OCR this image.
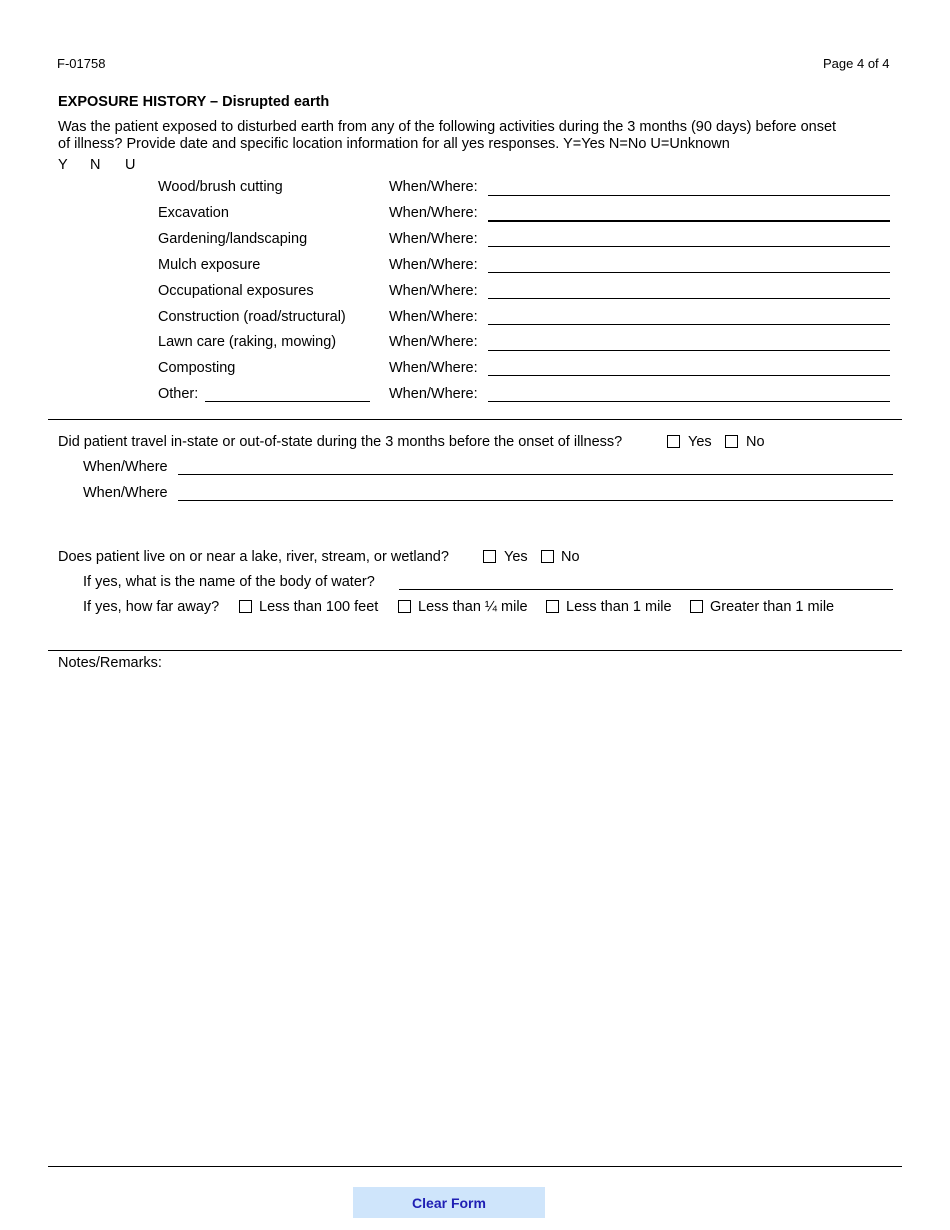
F-01758	Page 4 of 4
EXPOSURE HISTORY – Disrupted earth
Was the patient exposed to disturbed earth from any of the following activities during the 3 months (90 days) before onset
of illness? Provide date and specific location information for all yes responses. Y=Yes N=No U=Unknown
Y N U
Wood/brush cutting	When/Where:
Excavation	When/Where:
Gardening/landscaping	When/Where:
Mulch exposure	When/Where:
Occupational exposures	When/Where:
Construction (road/structural)	When/Where:
Lawn care (raking, mowing)	When/Where:
Composting	When/Where:
Other:	When/Where:
Did patient travel in-state or out-of-state during the 3 months before the onset of illness?	Yes No
When/Where
When/Where
Does patient live on or near a lake, river, stream, or wetland?	Yes No
If yes, what is the name of the body of water?
If yes, how far away?	Less than 100 feet	Less than ¼ mile	Less than 1 mile	Greater than 1 mile
Notes/Remarks:
Clear Form
